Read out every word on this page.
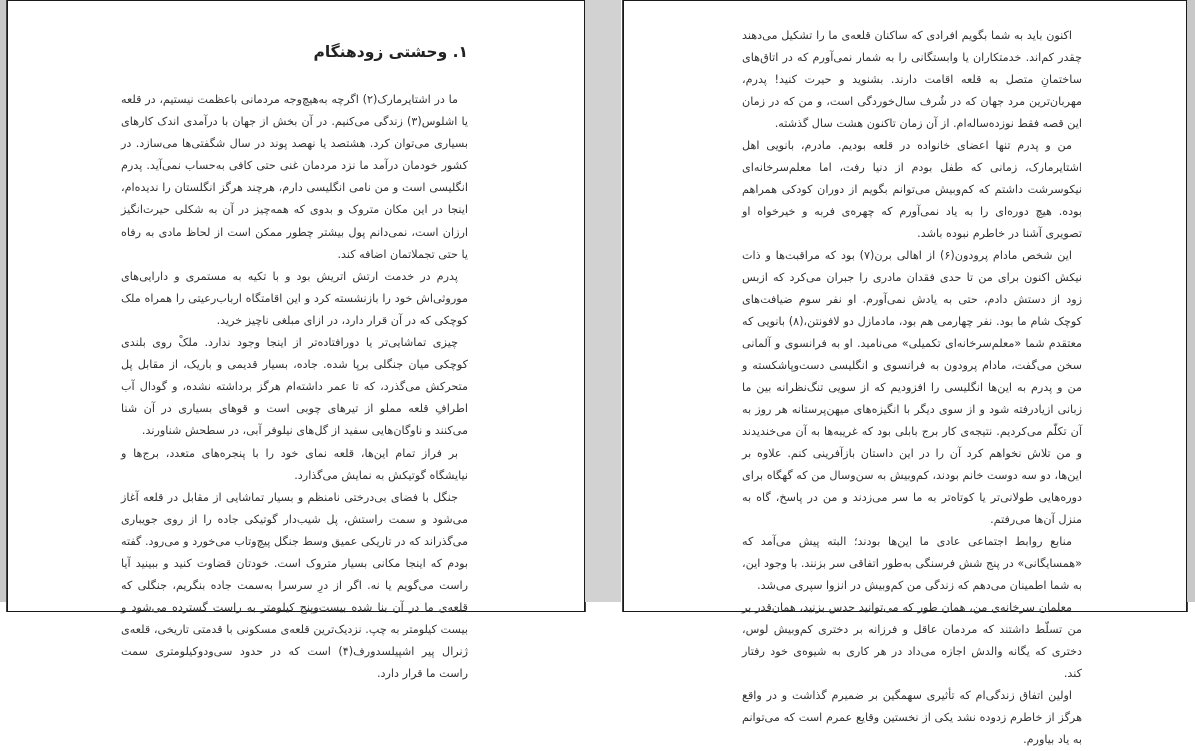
۱. وحشتی زودهنگام

ما در اشتایرمارک(۲) اگرچه به‌هیچ‌وجه مردمانی باعظمت نیستیم، در قلعه یا اشلوس(۳) زندگی می‌کنیم. در آن بخش از جهان با درآمدی اندک کارهای بسیاری می‌توان کرد. هشتصد یا نهصد پوند در سال شگفتی‌ها می‌سازد. در کشور خودمان درآمد ما نزد مردمان غنی حتی کافی به‌حساب نمی‌آید. پدرم انگلیسی است و من نامی انگلیسی دارم، هرچند هرگز انگلستان را ندیده‌ام، اینجا در این مکان متروک و بدوی که همه‌چیز در آن به شکلی حیرت‌انگیز ارزان است، نمی‌دانم پول بیشتر چطور ممکن است از لحاظ مادی به رفاه یا حتی تجملاتمان اضافه کند.

پدرم در خدمت ارتش اتریش بود و با تکیه به مستمری و دارایی‌های موروثی‌اش خود را بازنشسته کرد و این اقامتگاه ارباب‌رعیتی را همراه ملک کوچکی که در آن قرار دارد، در ازای مبلغی ناچیز خرید.

چیزی تماشایی‌تر یا دورافتاده‌تر از اینجا وجود ندارد. ملکْ روی بلندی کوچکی میان جنگلی برپا شده. جاده، بسیار قدیمی و باریک، از مقابل پل متحرکش می‌گذرد، که تا عمر داشته‌ام هرگز برداشته نشده، و گودال آب اطرافِ قلعه مملو از تیرهای چوبی است و قوهای بسیاری در آن شنا می‌کنند و ناوگان‌هایی سفید از گل‌های نیلوفر آبی، در سطحش شناورند.

بر فراز تمام این‌ها، قلعه نمای خود را با پنجره‌های متعدد، برج‌ها و نیایشگاه گوتیکش به نمایش می‌گذارد.

جنگل با فضای بی‌درختی نامنظم و بسیار تماشایی از مقابل در قلعه آغاز می‌شود و سمت راستش، پل شیب‌دار گوتیکی جاده را از روی جویباری می‌گذراند که در تاریکی عمیق وسط جنگل پیچ‌وتاب می‌خورد و می‌رود. گفته بودم که اینجا مکانی بسیار متروک است. خودتان قضاوت کنید و ببینید آیا راست می‌گویم یا نه. اگر از درِ سرسرا به‌سمت جاده بنگریم، جنگلی که قلعه‌ی ما در آن بنا شده بیست‌وپنج کیلومتر به راست گسترده می‌شود و بیست کیلومتر به چپ. نزدیک‌ترین قلعه‌ی مسکونی با قدمتی تاریخی، قلعه‌ی ژنرال پیر اشپیلسدورف(۴) است که در حدود سی‌ودوکیلومتری سمت راست ما قرار دارد.

اکنون باید به شما بگویم افرادی که ساکنان قلعه‌ی ما را تشکیل می‌دهند چقدر کم‌اند. خدمتکاران یا وابستگانی را به شمار نمی‌آورم که در اتاق‌های ساختمانِ متصل به قلعه اقامت دارند. بشنوید و حیرت کنید! پدرم، مهربان‌ترین مرد جهان که در شُرف سال‌خوردگی است، و من که در زمان این قصه فقط نوزده‌ساله‌ام. از آن زمان تاکنون هشت سال گذشته.

من و پدرم تنها اعضای خانواده در قلعه بودیم. مادرم، بانویی اهل اشتایرمارک، زمانی که طفل بودم از دنیا رفت، اما معلم‌سرخانه‌ای نیکوسرشت داشتم که کم‌وبیش می‌توانم بگویم از دوران کودکی همراهم بوده. هیچ دوره‌ای را به یاد نمی‌آورم که چهره‌ی فربه و خیرخواه او تصویری آشنا در خاطرم نبوده باشد.

این شخص مادام پرودون(۶) از اهالی برن(۷) بود که مراقبت‌ها و ذات نیکش اکنون برای من تا حدی فقدان مادری را جبران می‌کرد که ازبس زود از دستش دادم، حتی به یادش نمی‌آورم. او نفر سوم ضیافت‌های کوچک شام ما بود. نفر چهارمی هم بود، مادمازل دو لافونتن،(۸) بانویی که معتقدم شما «معلم‌سرخانه‌ای تکمیلی» می‌نامید. او به فرانسوی و آلمانی سخن می‌گفت، مادام پرودون به فرانسوی و انگلیسی دست‌وپاشکسته و من و پدرم به این‌ها انگلیسی را افزودیم که از سویی تنگ‌نظرانه بین ما زبانی ازیادرفته شود و از سوی دیگر با انگیزه‌های میهن‌پرستانه هر روز به آن تکلّم می‌کردیم. نتیجه‌ی کار برج بابلی بود که غریبه‌ها به آن می‌خندیدند و من تلاش نخواهم کرد آن را در این داستان بازآفرینی کنم. علاوه بر این‌ها، دو سه دوست خانم بودند، کم‌وبیش به سن‌وسال من که گهگاه برای دوره‌هایی طولانی‌تر یا کوتاه‌تر به ما سر می‌زدند و من در پاسخ، گاه به منزل آن‌ها می‌رفتم.

منابع روابط اجتماعی عادی ما این‌ها بودند؛ البته پیش می‌آمد که «همسایگانی» در پنج شش فرسنگی به‌طور اتفاقی سر بزنند. با وجود این، به شما اطمینان می‌دهم که زندگی من کم‌وبیش در انزوا سپری می‌شد.

معلمان سرخانه‌ی من، همان طور که می‌توانید حدس بزنید، همان‌قدر بر من تسلّط داشتند که مردمان عاقل و فرزانه بر دختری کم‌وبیش لوس، دختری که یگانه والدش اجازه می‌داد در هر کاری به شیوه‌ی خود رفتار کند.

اولین اتفاق زندگی‌ام که تأثیری سهمگین بر ضمیرم گذاشت و در واقع هرگز از خاطرم زدوده نشد یکی از نخستین وقایع عمرم است که می‌توانم به یاد بیاورم.
